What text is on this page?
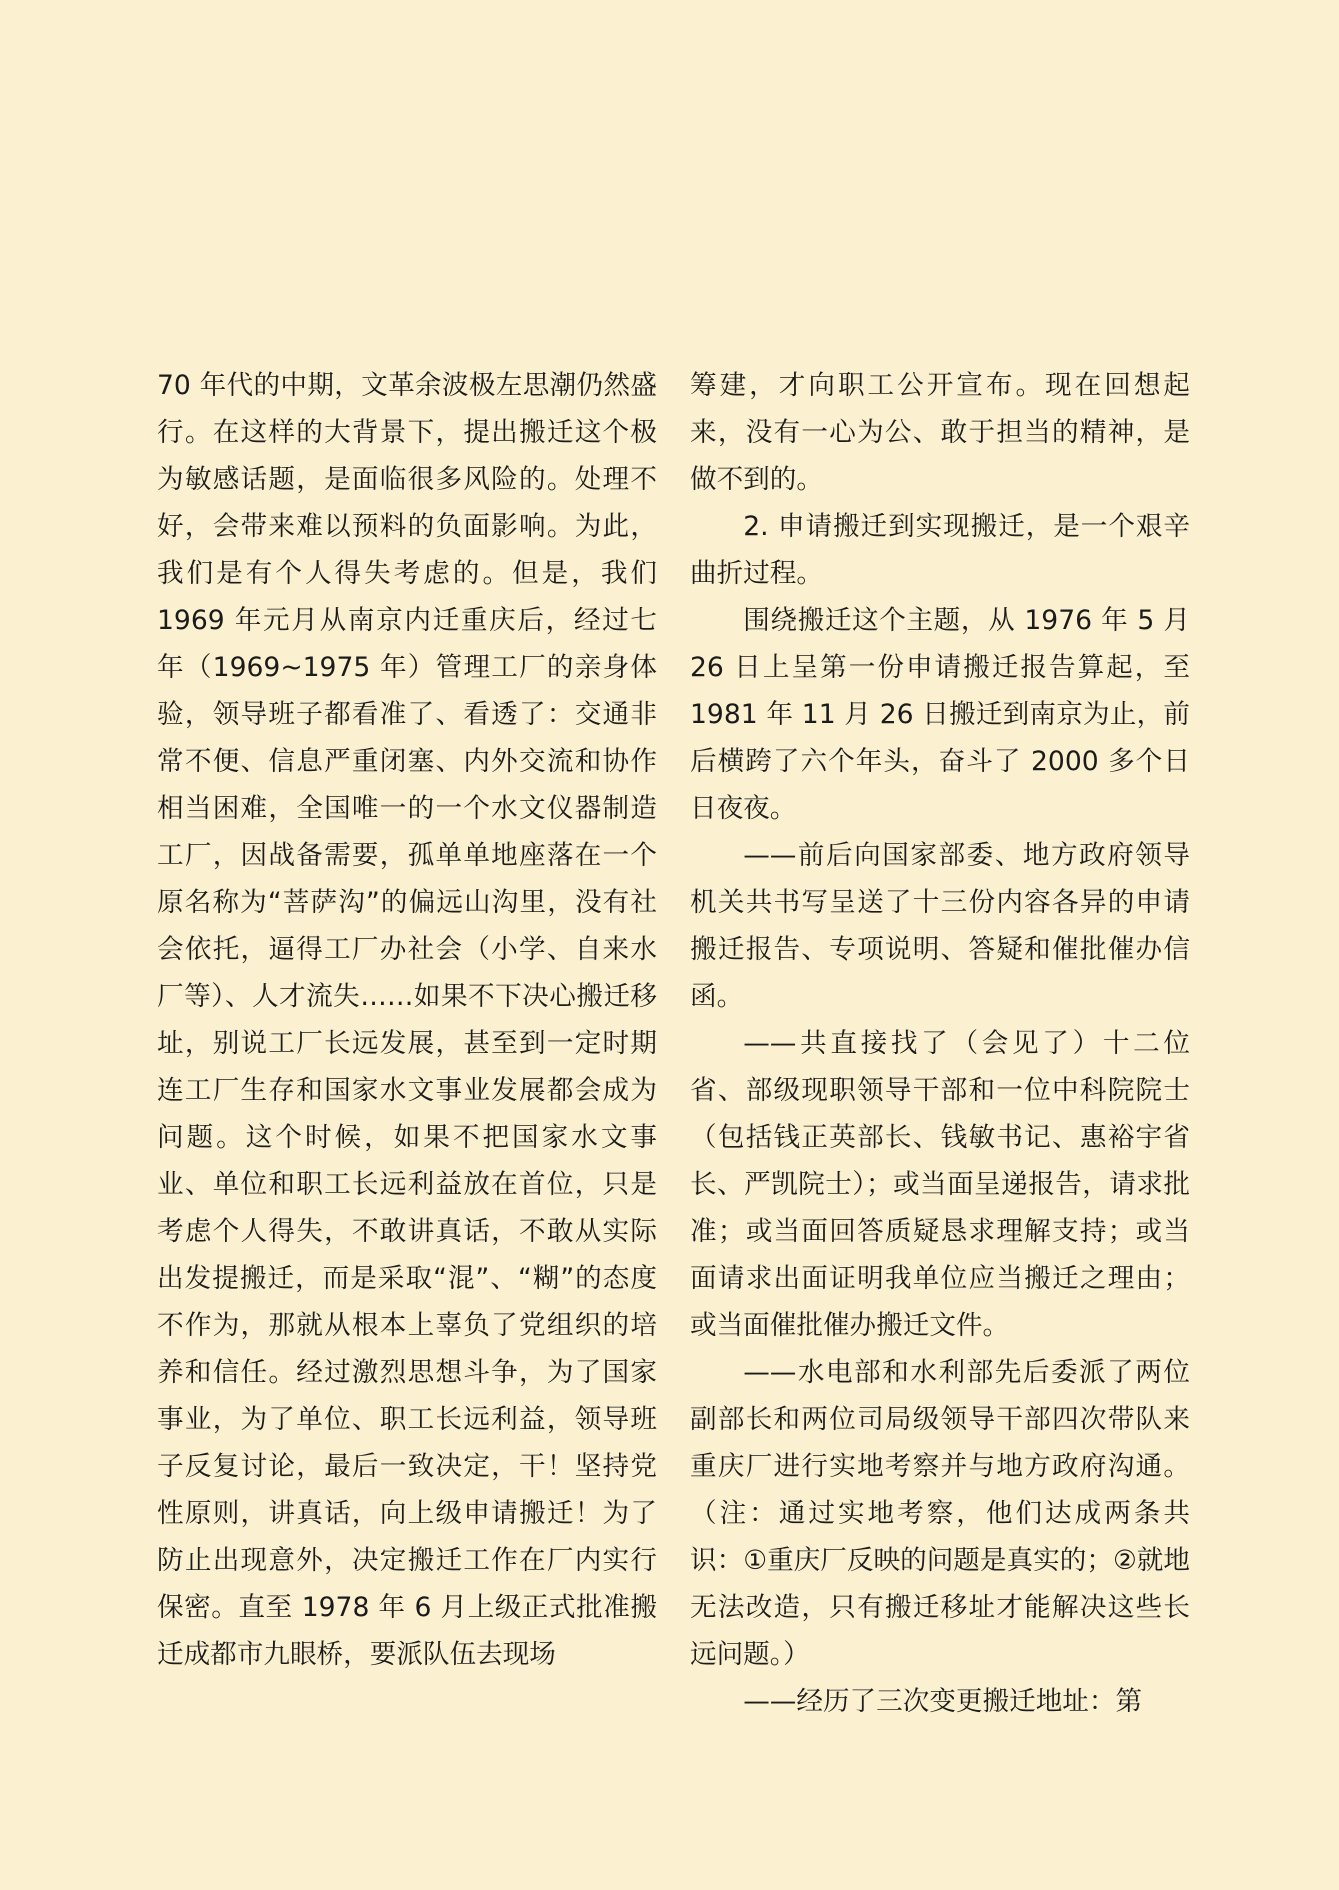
70 年代的中期，文革余波极左思潮仍然盛行。在这样的大背景下，提出搬迁这个极为敏感话题，是面临很多风险的。处理不好，会带来难以预料的负面影响。为此，我们是有个人得失考虑的。但是，我们 1969 年元月从南京内迁重庆后，经过七年（1969~1975 年）管理工厂的亲身体验，领导班子都看准了、看透了：交通非常不便、信息严重闭塞、内外交流和协作相当困难，全国唯一的一个水文仪器制造工厂，因战备需要，孤单单地座落在一个原名称为“菩萨沟”的偏远山沟里，没有社会依托，逼得工厂办社会（小学、自来水厂等）、人才流失……如果不下决心搬迁移址，别说工厂长远发展，甚至到一定时期连工厂生存和国家水文事业发展都会成为问题。这个时候，如果不把国家水文事业、单位和职工长远利益放在首位，只是考虑个人得失，不敢讲真话，不敢从实际出发提搬迁，而是采取“混”、“糊”的态度不作为，那就从根本上辜负了党组织的培养和信任。经过激烈思想斗争，为了国家事业，为了单位、职工长远利益，领导班子反复讨论，最后一致决定，干！坚持党性原则，讲真话，向上级申请搬迁！为了防止出现意外，决定搬迁工作在厂内实行保密。直至 1978 年 6 月上级正式批准搬迁成都市九眼桥，要派队伍去现场

筹建，才向职工公开宣布。现在回想起来，没有一心为公、敢于担当的精神，是做不到的。

2. 申请搬迁到实现搬迁，是一个艰辛曲折过程。

围绕搬迁这个主题，从 1976 年 5 月 26 日上呈第一份申请搬迁报告算起，至 1981 年 11 月 26 日搬迁到南京为止，前后横跨了六个年头，奋斗了 2000 多个日日夜夜。

——前后向国家部委、地方政府领导机关共书写呈送了十三份内容各异的申请搬迁报告、专项说明、答疑和催批催办信函。

——共直接找了（会见了）十二位省、部级现职领导干部和一位中科院院士（包括钱正英部长、钱敏书记、惠裕宇省长、严凯院士）；或当面呈递报告，请求批准；或当面回答质疑恳求理解支持；或当面请求出面证明我单位应当搬迁之理由；或当面催批催办搬迁文件。

——水电部和水利部先后委派了两位副部长和两位司局级领导干部四次带队来重庆厂进行实地考察并与地方政府沟通。（注：通过实地考察，他们达成两条共识：①重庆厂反映的问题是真实的；②就地无法改造，只有搬迁移址才能解决这些长远问题。）

——经历了三次变更搬迁地址：第
